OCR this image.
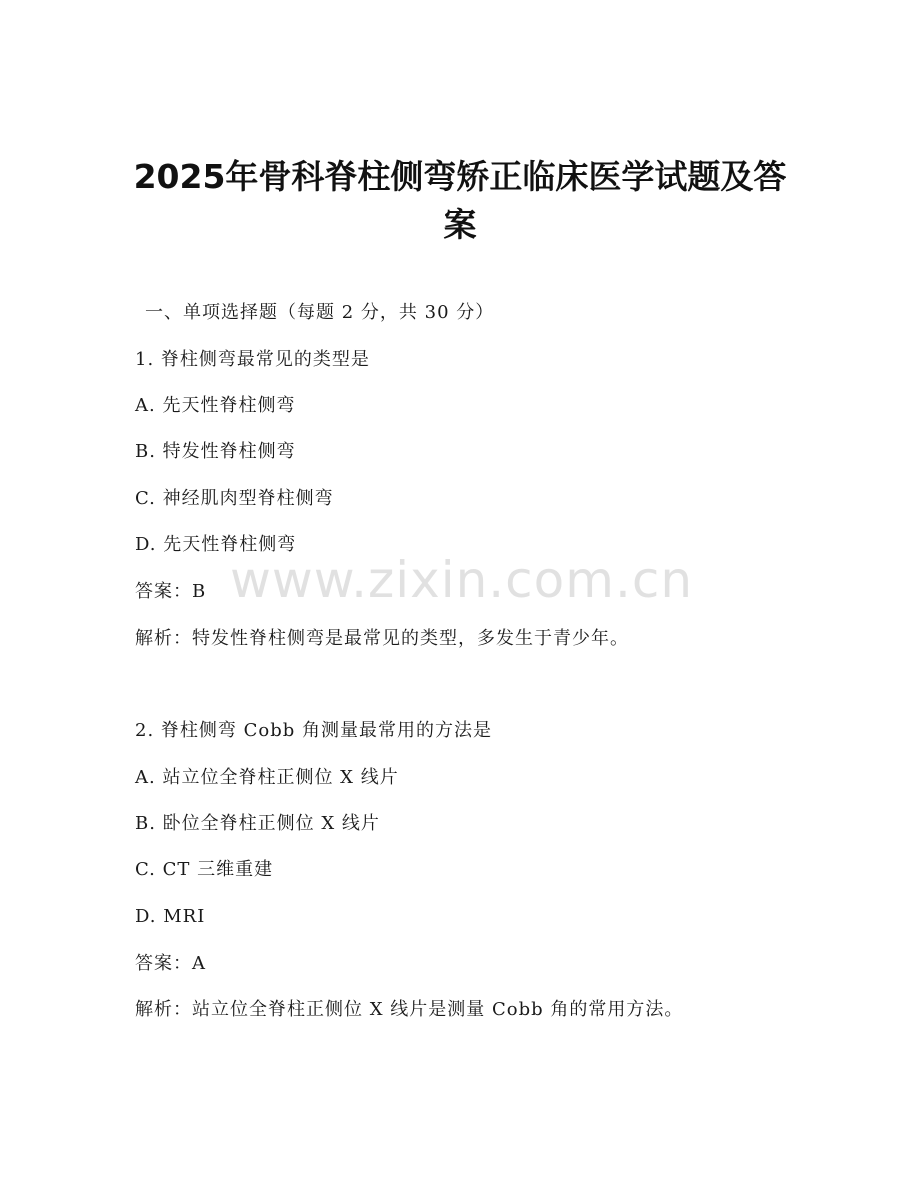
2025年骨科脊柱侧弯矫正临床医学试题及答
案
一、单项选择题（每题 2 分，共 30 分）
1. 脊柱侧弯最常见的类型是
A. 先天性脊柱侧弯
B. 特发性脊柱侧弯
C. 神经肌肉型脊柱侧弯
D. 先天性脊柱侧弯
答案：B
解析：特发性脊柱侧弯是最常见的类型，多发生于青少年。
2. 脊柱侧弯 Cobb 角测量最常用的方法是
A. 站立位全脊柱正侧位 X 线片
B. 卧位全脊柱正侧位 X 线片
C. CT 三维重建
D. MRI
答案：A
解析：站立位全脊柱正侧位 X 线片是测量 Cobb 角的常用方法。
www.zixin.com.cn
